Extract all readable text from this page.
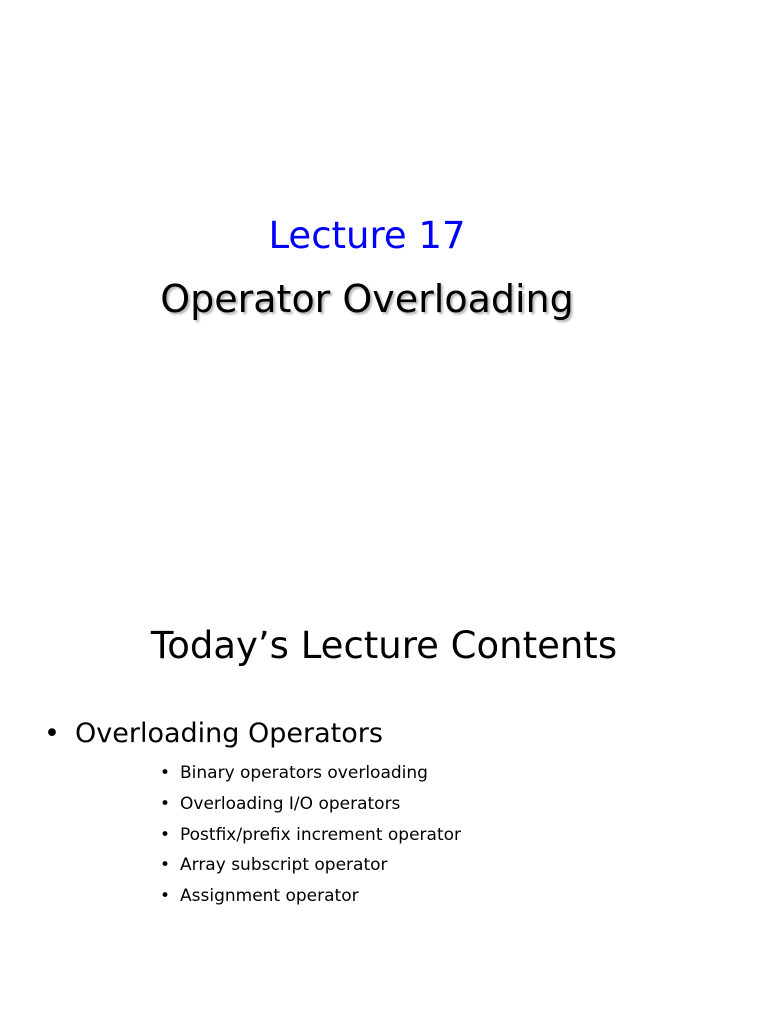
Lecture 17
Operator Overloading
Today’s Lecture Contents
• Overloading Operators
• Binary operators overloading
• Overloading I/O operators
• Postfix/prefix increment operator
• Array subscript operator
• Assignment operator
